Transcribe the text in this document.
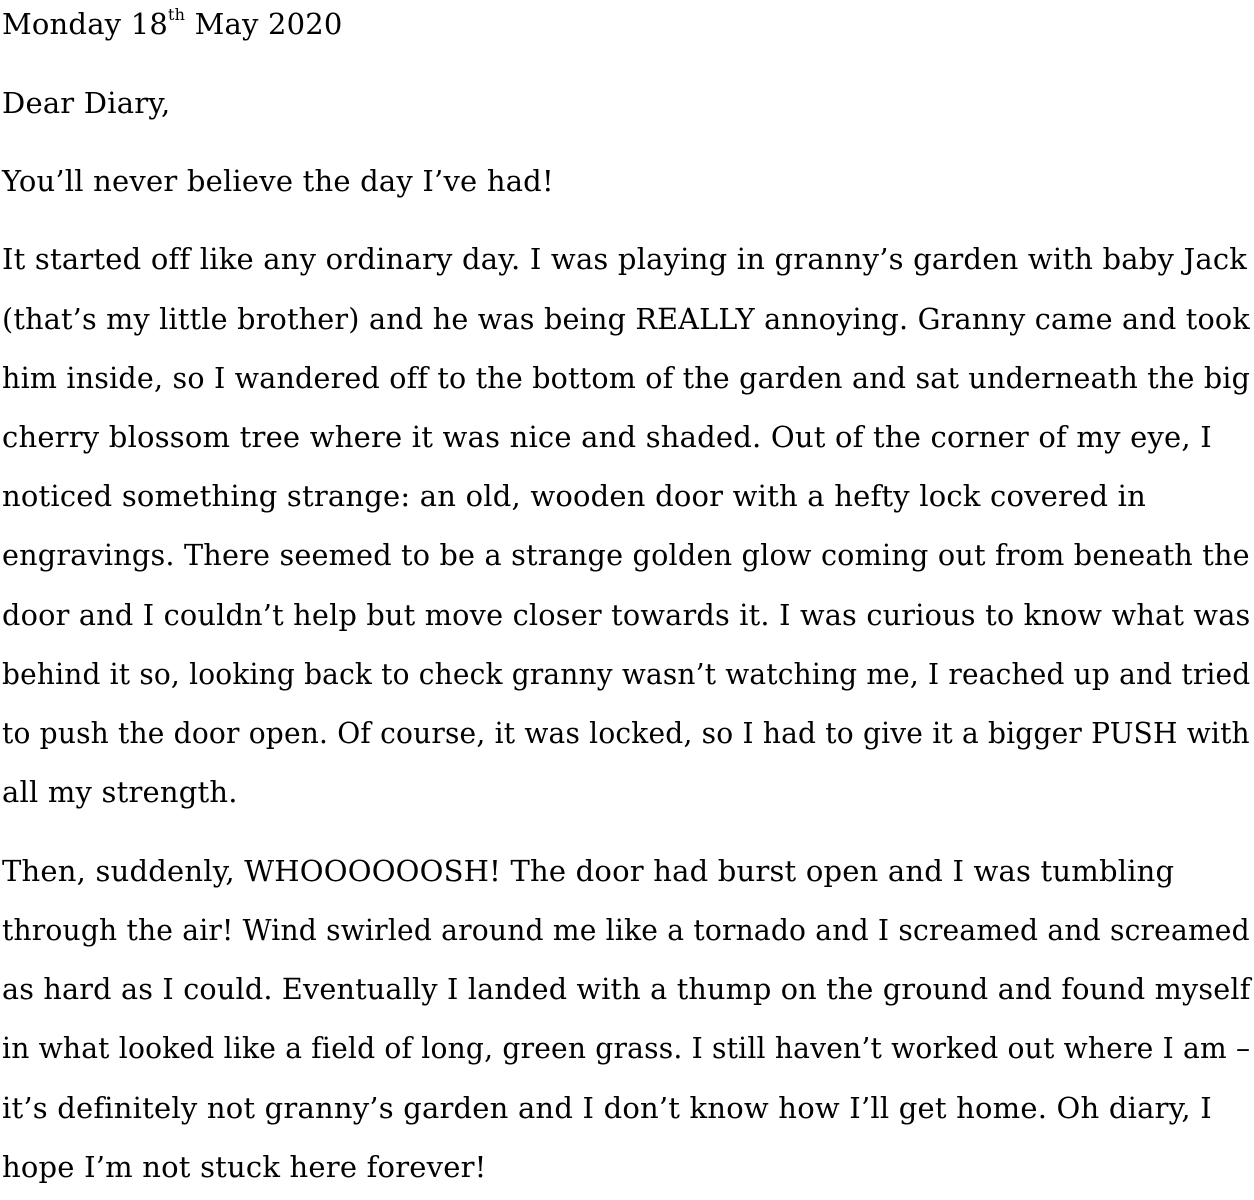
Monday 18th May 2020
Dear Diary,
You’ll never believe the day I’ve had!
It started off like any ordinary day. I was playing in granny’s garden with baby Jack
(that’s my little brother) and he was being REALLY annoying. Granny came and took
him inside, so I wandered off to the bottom of the garden and sat underneath the big
cherry blossom tree where it was nice and shaded. Out of the corner of my eye, I
noticed something strange: an old, wooden door with a hefty lock covered in
engravings. There seemed to be a strange golden glow coming out from beneath the
door and I couldn’t help but move closer towards it. I was curious to know what was
behind it so, looking back to check granny wasn’t watching me, I reached up and tried
to push the door open. Of course, it was locked, so I had to give it a bigger PUSH with
all my strength.
Then, suddenly, WHOOOOOOSH! The door had burst open and I was tumbling
through the air! Wind swirled around me like a tornado and I screamed and screamed
as hard as I could. Eventually I landed with a thump on the ground and found myself
in what looked like a field of long, green grass. I still haven’t worked out where I am –
it’s definitely not granny’s garden and I don’t know how I’ll get home. Oh diary, I
hope I’m not stuck here forever!
